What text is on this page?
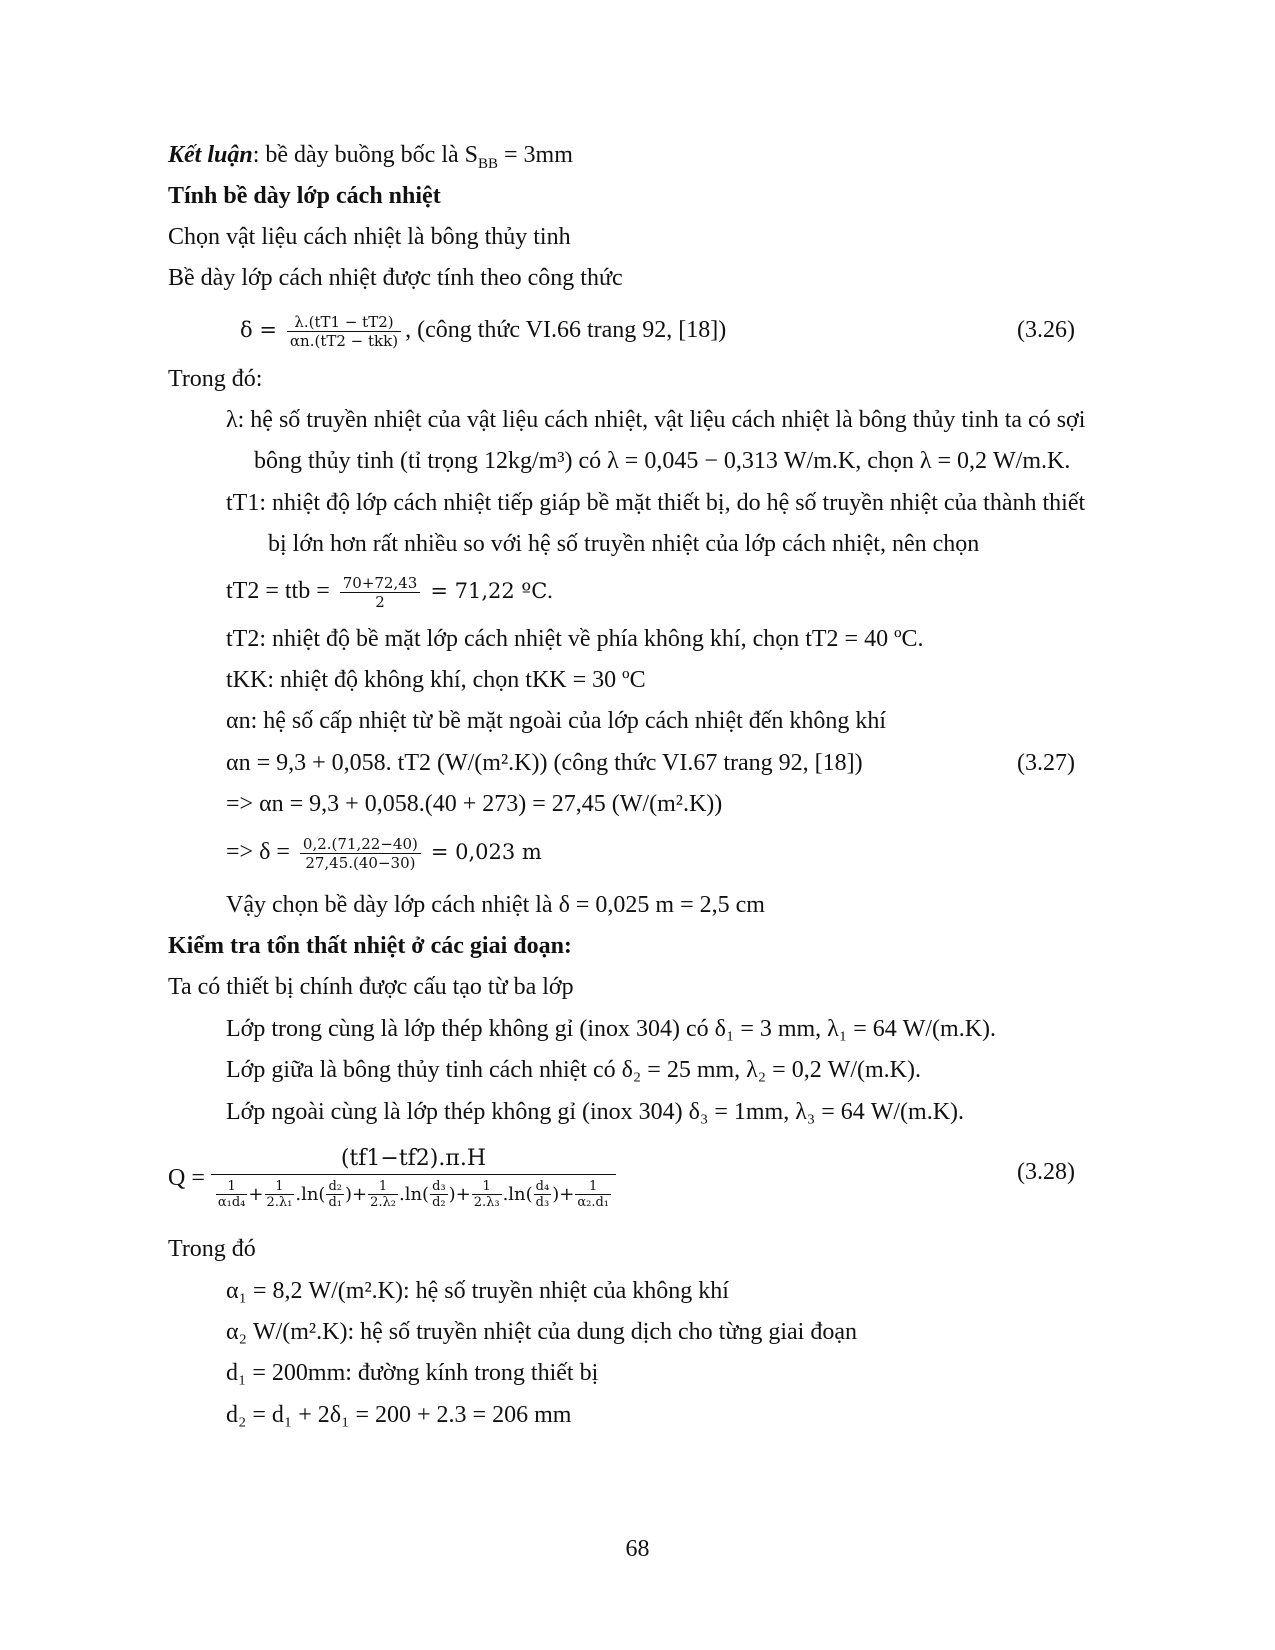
Kết luận: bề dày buồng bốc là $S_{BB} = 3mm$
Tính bề dày lớp cách nhiệt
Chọn vật liệu cách nhiệt là bông thủy tinh
Bề dày lớp cách nhiệt được tính theo công thức
$\delta = \frac{\lambda.(tT1 - tT2)}{\text{αn.(tT2 − tkk)}}$ , (công thức VI.66 trang 92, [18])	(3.26)
Trong đó:
λ: hệ số truyền nhiệt của vật liệu cách nhiệt, vật liệu cách nhiệt là bông thủy tinh ta có sợi
bông thủy tinh (tỉ trọng 12kg/m³) có λ = 0,045 − 0,313 W/m.K, chọn λ = 0,2 W/m.K.
tT1: nhiệt độ lớp cách nhiệt tiếp giáp bề mặt thiết bị, do hệ số truyền nhiệt của thành thiết
bị lớn hơn rất nhiều so với hệ số truyền nhiệt của lớp cách nhiệt, nên chọn
tT2 = ttb = $\frac{70+72,43}{2} = 71,22$ ºC.
tT2: nhiệt độ bề mặt lớp cách nhiệt về phía không khí, chọn tT2 = 40 ºC.
tKK: nhiệt độ không khí, chọn tKK = 30 ºC
αn: hệ số cấp nhiệt từ bề mặt ngoài của lớp cách nhiệt đến không khí
αn = 9,3 + 0,058. tT2 (W/(m².K)) (công thức VI.67 trang 92, [18])	(3.27)
=> αn = 9,3 + 0,058.(40 + 273) = 27,45 (W/(m².K))
=> $\delta = \frac{0,2.(71,22-40)}{27,45.(40-30)} = 0,023$ m
Vậy chọn bề dày lớp cách nhiệt là δ = 0,025 m = 2,5 cm
Kiểm tra tổn thất nhiệt ở các giai đoạn:
Ta có thiết bị chính được cấu tạo từ ba lớp
Lớp trong cùng là lớp thép không gỉ (inox 304) có δ₁ = 3 mm, λ₁ = 64 W/(m.K).
Lớp giữa là bông thủy tinh cách nhiệt có δ₂ = 25 mm, λ₂ = 0,2 W/(m.K).
Lớp ngoài cùng là lớp thép không gỉ (inox 304) δ₃ = 1mm, λ₃ = 64 W/(m.K).
$Q = \frac{(tf1-tf2).\pi.H}{\frac{1}{\text{α₁d₄}} + \frac{1}{\text{2.λ₁}} .\ln( \frac{\text{d₂}}{\text{d₁}} )+ \frac{1}{\text{2.λ₂}} .\ln( \frac{\text{d₃}}{\text{d₂}} )+ \frac{1}{\text{2.λ₃}} .\ln( \frac{\text{d₄}}{\text{d₃}} )+ \frac{1}{\text{α₂.d₁}}}$	(3.28)
Trong đó
α₁ = 8,2 W/(m².K): hệ số truyền nhiệt của không khí
α₂ W/(m².K): hệ số truyền nhiệt của dung dịch cho từng giai đoạn
d₁ = 200mm: đường kính trong thiết bị
d₂ = d₁ + 2δ₁ = 200 + 2.3 = 206 mm
68
